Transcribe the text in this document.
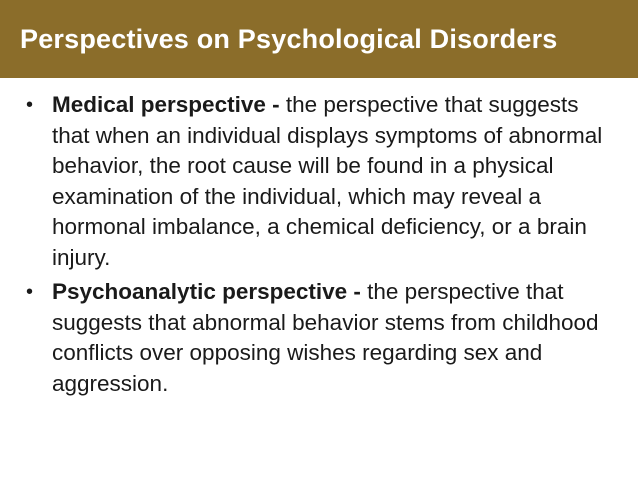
Perspectives on Psychological Disorders
• Medical perspective - the perspective that suggests that when an individual displays symptoms of abnormal behavior, the root cause will be found in a physical examination of the individual, which may reveal a hormonal imbalance, a chemical deficiency, or a brain injury.
• Psychoanalytic perspective - the perspective that suggests that abnormal behavior stems from childhood conflicts over opposing wishes regarding sex and aggression.
